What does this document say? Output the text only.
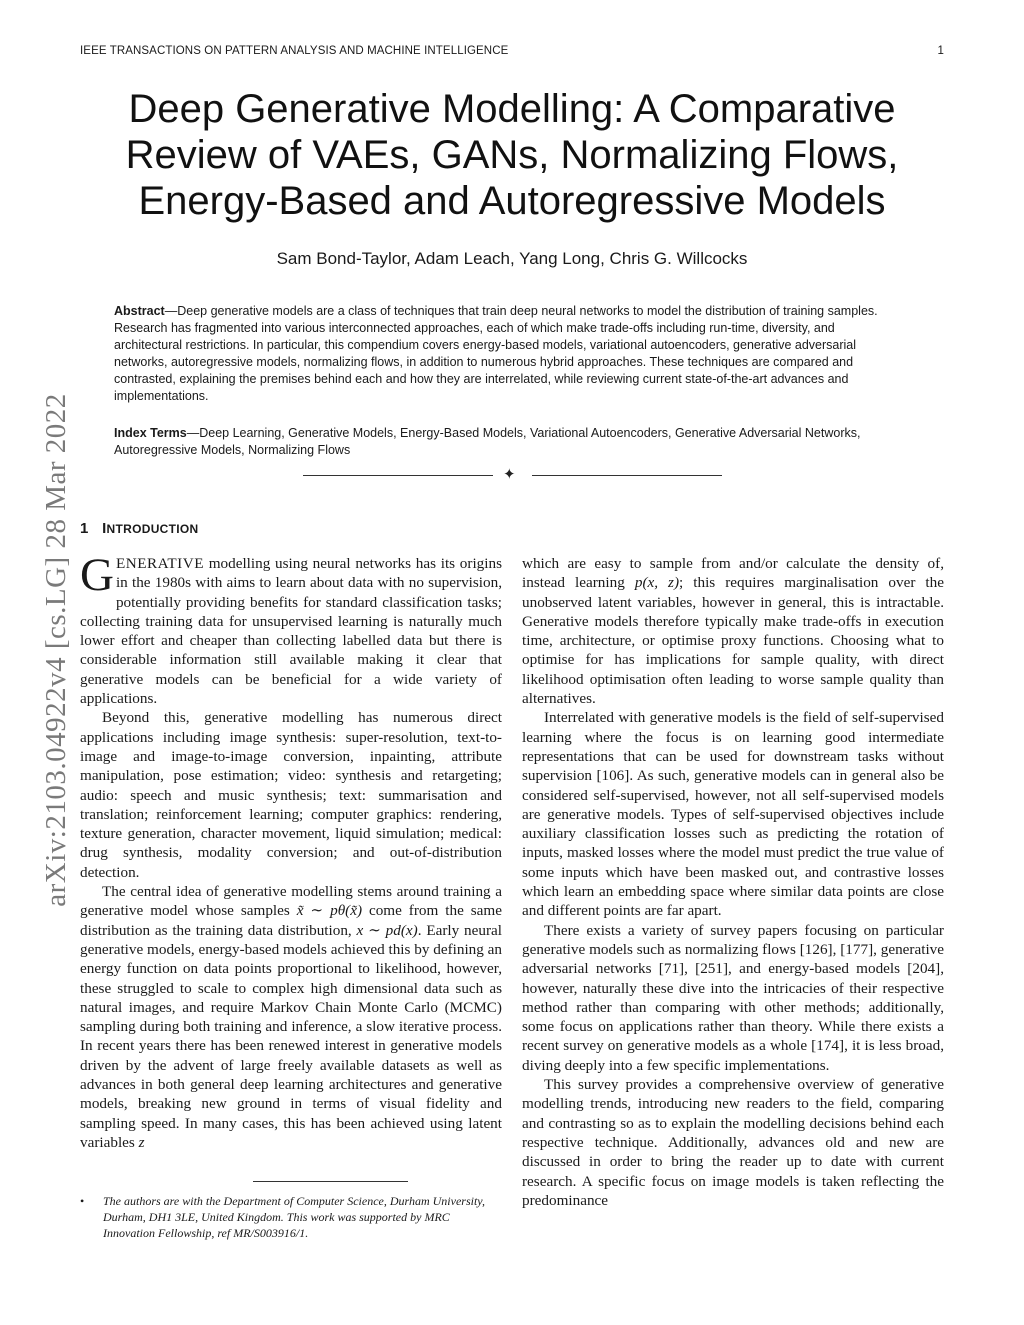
IEEE TRANSACTIONS ON PATTERN ANALYSIS AND MACHINE INTELLIGENCE	1
arXiv:2103.04922v4 [cs.LG] 28 Mar 2022
Deep Generative Modelling: A Comparative Review of VAEs, GANs, Normalizing Flows, Energy-Based and Autoregressive Models
Sam Bond-Taylor, Adam Leach, Yang Long, Chris G. Willcocks
Abstract—Deep generative models are a class of techniques that train deep neural networks to model the distribution of training samples. Research has fragmented into various interconnected approaches, each of which make trade-offs including run-time, diversity, and architectural restrictions. In particular, this compendium covers energy-based models, variational autoencoders, generative adversarial networks, autoregressive models, normalizing flows, in addition to numerous hybrid approaches. These techniques are compared and contrasted, explaining the premises behind each and how they are interrelated, while reviewing current state-of-the-art advances and implementations.
Index Terms—Deep Learning, Generative Models, Energy-Based Models, Variational Autoencoders, Generative Adversarial Networks, Autoregressive Models, Normalizing Flows
✦
1 INTRODUCTION

GENERATIVE modelling using neural networks has its origins in the 1980s with aims to learn about data with no supervision, potentially providing benefits for standard classification tasks; collecting training data for unsupervised learning is naturally much lower effort and cheaper than collecting labelled data but there is considerable information still available making it clear that generative models can be beneficial for a wide variety of applications.

Beyond this, generative modelling has numerous direct applications including image synthesis: super-resolution, text-to-image and image-to-image conversion, inpainting, attribute manipulation, pose estimation; video: synthesis and retargeting; audio: speech and music synthesis; text: summarisation and translation; reinforcement learning; computer graphics: rendering, texture generation, character movement, liquid simulation; medical: drug synthesis, modality conversion; and out-of-distribution detection.

The central idea of generative modelling stems around training a generative model whose samples x̃ ∼ pθ(x̃) come from the same distribution as the training data distribution, x ∼ pd(x). Early neural generative models, energy-based models achieved this by defining an energy function on data points proportional to likelihood, however, these struggled to scale to complex high dimensional data such as natural images, and require Markov Chain Monte Carlo (MCMC) sampling during both training and inference, a slow iterative process. In recent years there has been renewed interest in generative models driven by the advent of large freely available datasets as well as advances in both general deep learning architectures and generative models, breaking new ground in terms of visual fidelity and sampling speed. In many cases, this has been achieved using latent variables z

which are easy to sample from and/or calculate the density of, instead learning p(x, z); this requires marginalisation over the unobserved latent variables, however in general, this is intractable. Generative models therefore typically make trade-offs in execution time, architecture, or optimise proxy functions. Choosing what to optimise for has implications for sample quality, with direct likelihood optimisation often leading to worse sample quality than alternatives.

Interrelated with generative models is the field of self-supervised learning where the focus is on learning good intermediate representations that can be used for downstream tasks without supervision [106]. As such, generative models can in general also be considered self-supervised, however, not all self-supervised models are generative models. Types of self-supervised objectives include auxiliary classification losses such as predicting the rotation of inputs, masked losses where the model must predict the true value of some inputs which have been masked out, and contrastive losses which learn an embedding space where similar data points are close and different points are far apart.

There exists a variety of survey papers focusing on particular generative models such as normalizing flows [126], [177], generative adversarial networks [71], [251], and energy-based models [204], however, naturally these dive into the intricacies of their respective method rather than comparing with other methods; additionally, some focus on applications rather than theory. While there exists a recent survey on generative models as a whole [174], it is less broad, diving deeply into a few specific implementations.

This survey provides a comprehensive overview of generative modelling trends, introducing new readers to the field, comparing and contrasting so as to explain the modelling decisions behind each respective technique. Additionally, advances old and new are discussed in order to bring the reader up to date with current research. A specific focus on image models is taken reflecting the predominance

• The authors are with the Department of Computer Science, Durham University, Durham, DH1 3LE, United Kingdom. This work was supported by MRC Innovation Fellowship, ref MR/S003916/1.
